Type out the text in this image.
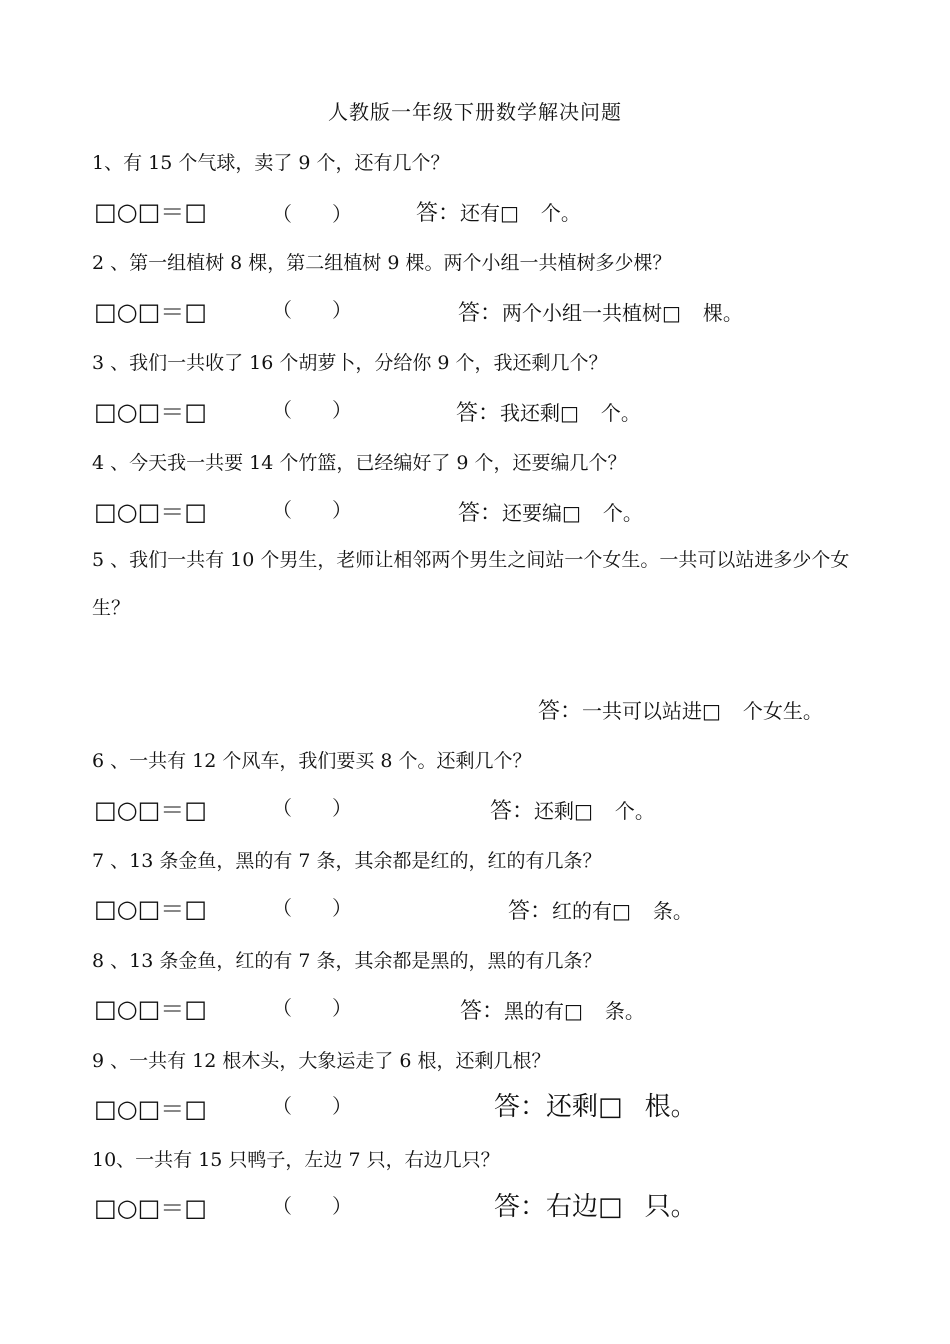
人教版一年级下册数学解决问题
1、有 15 个气球，卖了 9 个，还有几个？
□○□＝□	（　　）	答：还有□ 个。
2 、第一组植树 8 棵，第二组植树 9 棵。两个小组一共植树多少棵？
□○□＝□	（　　）	答：两个小组一共植树□ 棵。
3 、我们一共收了 16 个胡萝卜，分给你 9 个，我还剩几个？
□○□＝□	（　　）	答：我还剩□ 个。
4 、今天我一共要 14 个竹篮，已经编好了 9 个，还要编几个？
□○□＝□	（　　）	答：还要编□ 个。
5 、我们一共有 10 个男生，老师让相邻两个男生之间站一个女生。一共可以站进多少个女生？
答：一共可以站进□ 个女生。
6 、一共有 12 个风车，我们要买 8 个。还剩几个？
□○□＝□	（　　）	答：还剩□ 个。
7 、13 条金鱼，黑的有 7 条，其余都是红的，红的有几条？
□○□＝□	（　　）	答：红的有□ 条。
8 、13 条金鱼，红的有 7 条，其余都是黑的，黑的有几条？
□○□＝□	（　　）	答：黑的有□ 条。
9 、一共有 12 根木头，大象运走了 6 根，还剩几根？
□○□＝□	（　　）	答：还剩□ 根。
10、一共有 15 只鸭子，左边 7 只，右边几只？
□○□＝□	（　　）	答：右边□ 只。
